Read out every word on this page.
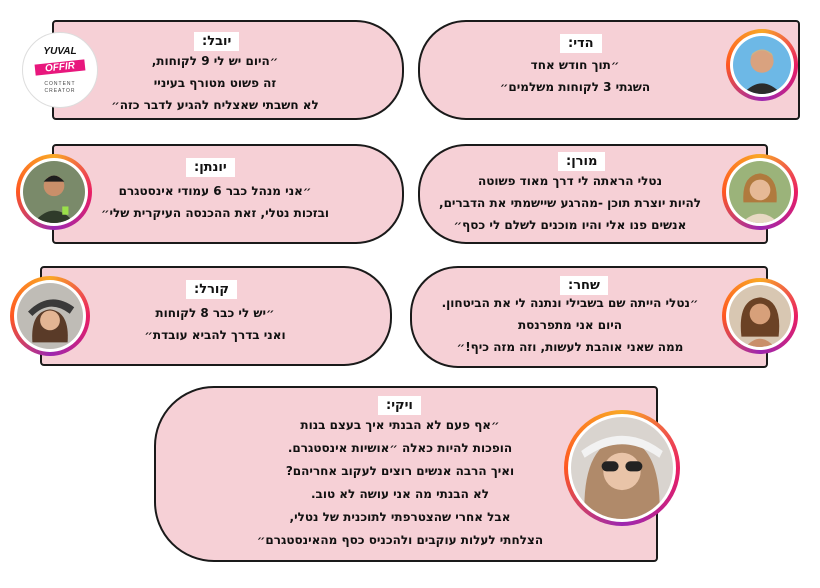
הדי:
״תוך חודש אחד
השגתי 3 לקוחות משלמים״
יובל:
״היום יש לי 9 לקוחות,
זה פשוט מטורף בעיניי
לא חשבתי שאצליח להגיע לדבר כזה״
YUVAL
OFFIR
CONTENT CREATOR
מורן:
נטלי הראתה לי דרך מאוד פשוטה
להיות יוצרת תוכן -מהרגע שיישמתי את הדברים,
אנשים פנו אלי והיו מוכנים לשלם לי כסף״
יונתן:
״אני מנהל כבר 6 עמודי אינסטגרם
ובזכות נטלי, זאת ההכנסה העיקרית שלי״
שחר:
״נטלי הייתה שם בשבילי ונתנה לי את הביטחון.
היום אני מתפרנסת
ממה שאני אוהבת לעשות, וזה מזה כיף!״
קורל:
״יש לי כבר 8 לקוחות
ואני בדרך להביא עובדת״
ויקי:
״אף פעם לא הבנתי איך בעצם בנות
הופכות להיות כאלה ״אושיות אינסטגרם.
ואיך הרבה אנשים רוצים לעקוב אחריהם?
לא הבנתי מה אני עושה לא טוב.
אבל אחרי שהצטרפתי לתוכנית של נטלי,
הצלחתי לעלות עוקבים ולהכניס כסף מהאינסטגרם״
